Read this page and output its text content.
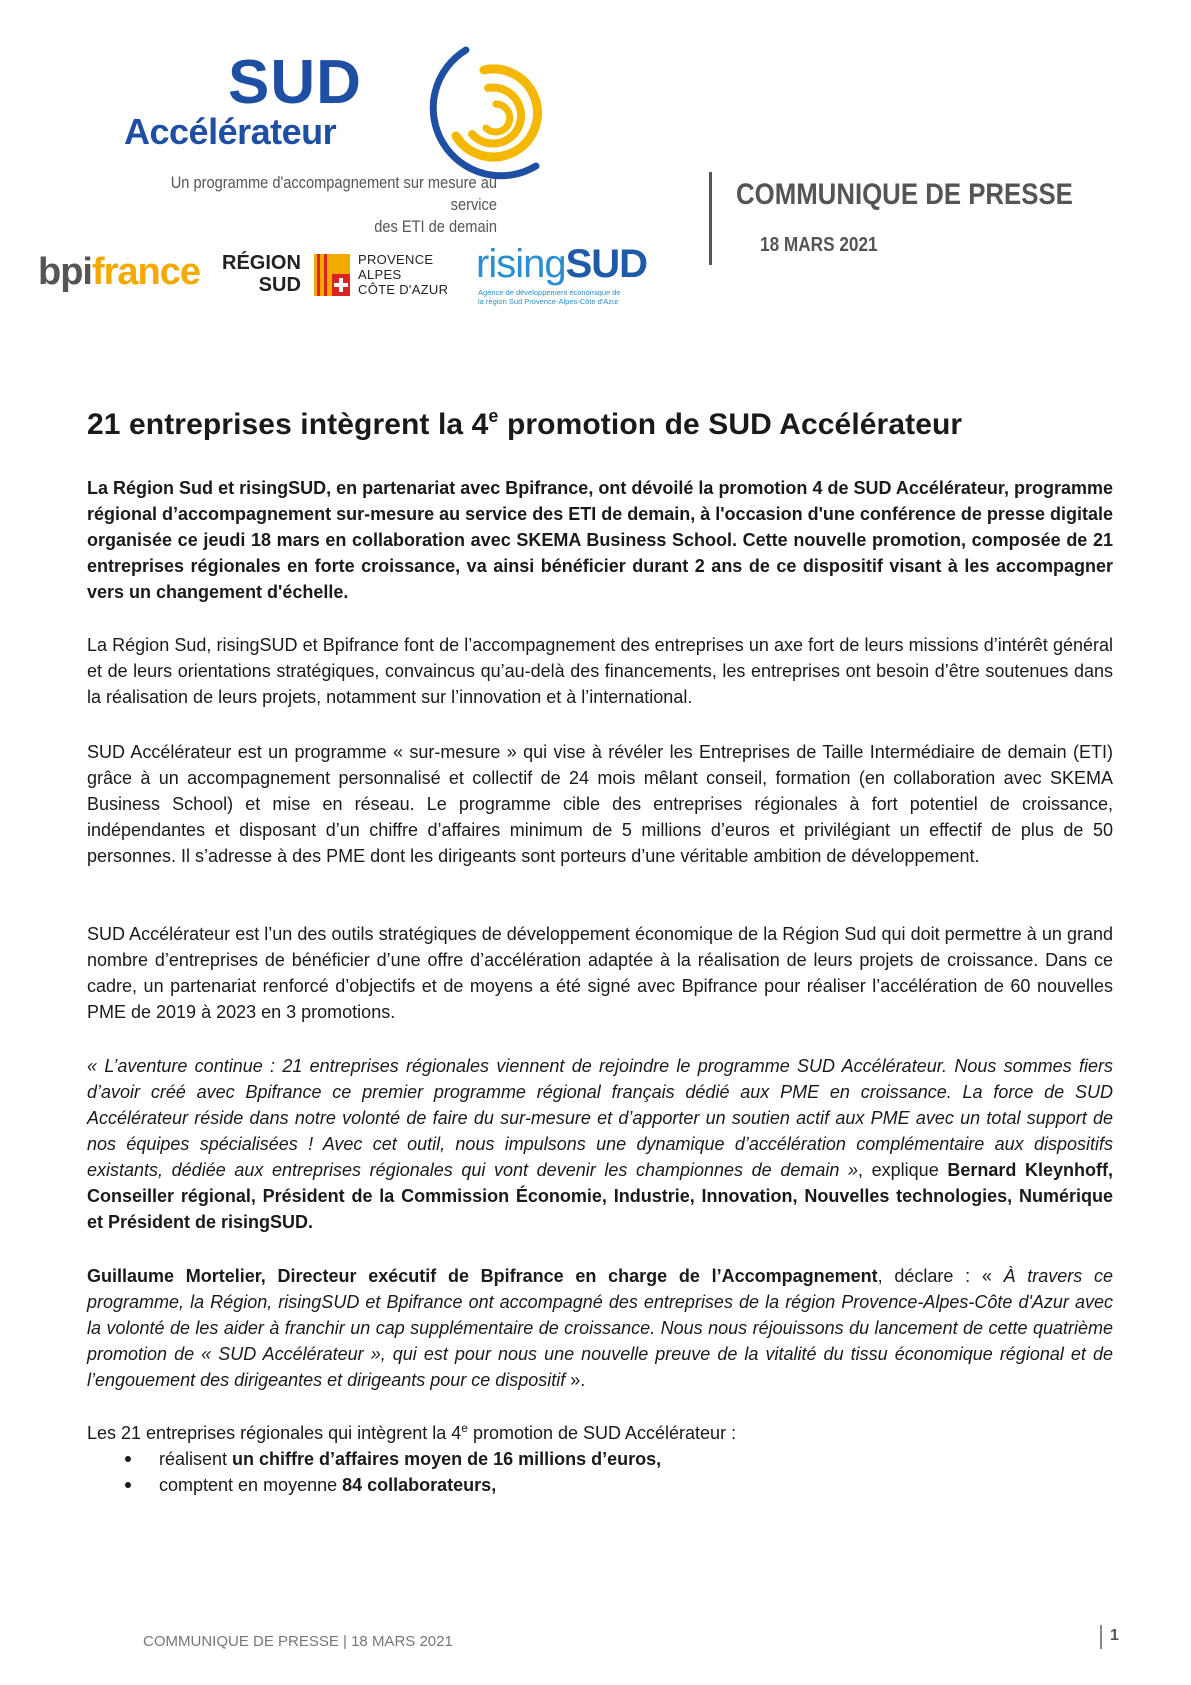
SUD
Accélérateur
Un programme d'accompagnement sur mesure au service
des ETI de demain
bpifrance RÉGION
SUD
PROVENCE
ALPES
CÔTE D'AZUR
risingSUD
Agence de développement économique de
la région Sud Provence-Alpes-Côte d'Azur
COMMUNIQUE DE PRESSE
18 MARS 2021
21 entreprises intègrent la 4e promotion de SUD Accélérateur

La Région Sud et risingSUD, en partenariat avec Bpifrance, ont dévoilé la promotion 4 de SUD Accélérateur, programme régional d’accompagnement sur-mesure au service des ETI de demain, à l'occasion d'une conférence de presse digitale organisée ce jeudi 18 mars en collaboration avec SKEMA Business School. Cette nouvelle promotion, composée de 21 entreprises régionales en forte croissance, va ainsi bénéficier durant 2 ans de ce dispositif visant à les accompagner vers un changement d'échelle.

La Région Sud, risingSUD et Bpifrance font de l’accompagnement des entreprises un axe fort de leurs missions d’intérêt général et de leurs orientations stratégiques, convaincus qu’au-delà des financements, les entreprises ont besoin d’être soutenues dans la réalisation de leurs projets, notamment sur l’innovation et à l’international.

SUD Accélérateur est un programme « sur-mesure » qui vise à révéler les Entreprises de Taille Intermédiaire de demain (ETI) grâce à un accompagnement personnalisé et collectif de 24 mois mêlant conseil, formation (en collaboration avec SKEMA Business School) et mise en réseau. Le programme cible des entreprises régionales à fort potentiel de croissance, indépendantes et disposant d’un chiffre d’affaires minimum de 5 millions d’euros et privilégiant un effectif de plus de 50 personnes. Il s’adresse à des PME dont les dirigeants sont porteurs d’une véritable ambition de développement.

SUD Accélérateur est l’un des outils stratégiques de développement économique de la Région Sud qui doit permettre à un grand nombre d’entreprises de bénéficier d’une offre d’accélération adaptée à la réalisation de leurs projets de croissance. Dans ce cadre, un partenariat renforcé d’objectifs et de moyens a été signé avec Bpifrance pour réaliser l’accélération de 60 nouvelles PME de 2019 à 2023 en 3 promotions.

« L’aventure continue : 21 entreprises régionales viennent de rejoindre le programme SUD Accélérateur. Nous sommes fiers d’avoir créé avec Bpifrance ce premier programme régional français dédié aux PME en croissance. La force de SUD Accélérateur réside dans notre volonté de faire du sur-mesure et d’apporter un soutien actif aux PME avec un total support de nos équipes spécialisées ! Avec cet outil, nous impulsons une dynamique d’accélération complémentaire aux dispositifs existants, dédiée aux entreprises régionales qui vont devenir les championnes de demain », explique Bernard Kleynhoff, Conseiller régional, Président de la Commission Économie, Industrie, Innovation, Nouvelles technologies, Numérique et Président de risingSUD.

Guillaume Mortelier, Directeur exécutif de Bpifrance en charge de l’Accompagnement, déclare : « À travers ce programme, la Région, risingSUD et Bpifrance ont accompagné des entreprises de la région Provence-Alpes-Côte d'Azur avec la volonté de les aider à franchir un cap supplémentaire de croissance. Nous nous réjouissons du lancement de cette quatrième promotion de « SUD Accélérateur », qui est pour nous une nouvelle preuve de la vitalité du tissu économique régional et de l’engouement des dirigeantes et dirigeants pour ce dispositif ».

Les 21 entreprises régionales qui intègrent la 4e promotion de SUD Accélérateur :

réalisent un chiffre d’affaires moyen de 16 millions d’euros,
comptent en moyenne 84 collaborateurs,
COMMUNIQUE DE PRESSE | 18 MARS 2021	1
